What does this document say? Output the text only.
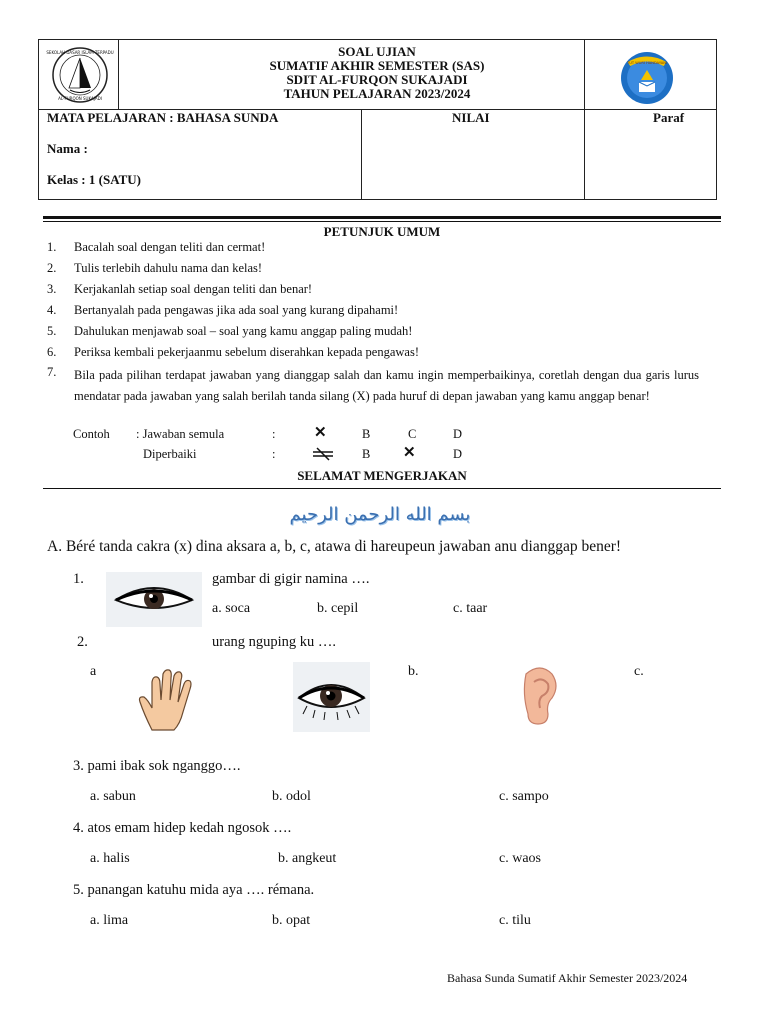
SEKOLAH DASAR ISLAM TERPADU
AL-FURQON SUKAJADI
SOAL UJIAN
SUMATIF AKHIR SEMESTER (SAS)
SDIT AL-FURQON SUKAJADI
TAHUN PELAJARAN 2023/2024
TUT WURI HANDAYANI
MATA PELAJARAN : BAHASA SUNDA
Nama :
Kelas : 1 (SATU)
NILAI	Paraf
PETUNJUK UMUM
1. Bacalah soal dengan teliti dan cermat!
2. Tulis terlebih dahulu nama dan kelas!
3. Kerjakanlah setiap soal dengan teliti dan benar!
4. Bertanyalah pada pengawas jika ada soal yang kurang dipahami!
5. Dahulukan menjawab soal – soal yang kamu anggap paling mudah!
6. Periksa kembali pekerjaanmu sebelum diserahkan kepada pengawas!
7. Bila pada pilihan terdapat jawaban yang dianggap salah dan kamu ingin memperbaikinya, coretlah dengan dua garis lurus mendatar pada jawaban yang salah berilah tanda silang (X) pada huruf di depan jawaban yang kamu anggap benar!
Contoh : Jawaban semula	:	✕	B	C	D
Diperbaiki	:	B ✕	D
SELAMAT MENGERJAKAN
بسم الله الرحمن الرحيم
A. Béré tanda cakra (x) dina aksara a, b, c, atawa di hareupeun jawaban anu dianggap bener!
1.	gambar di gigir namina ….
a. soca	b. cepil	c. taar
2.	urang nguping ku ….
a	b.	c.
3. pami ibak sok nganggo….
a. sabun	b. odol	c. sampo
4. atos emam hidep kedah ngosok ….
a. halis	b. angkeut	c. waos
5. panangan katuhu mida aya …. rémana.
a. lima	b. opat	c. tilu
Bahasa Sunda Sumatif Akhir Semester 2023/2024
